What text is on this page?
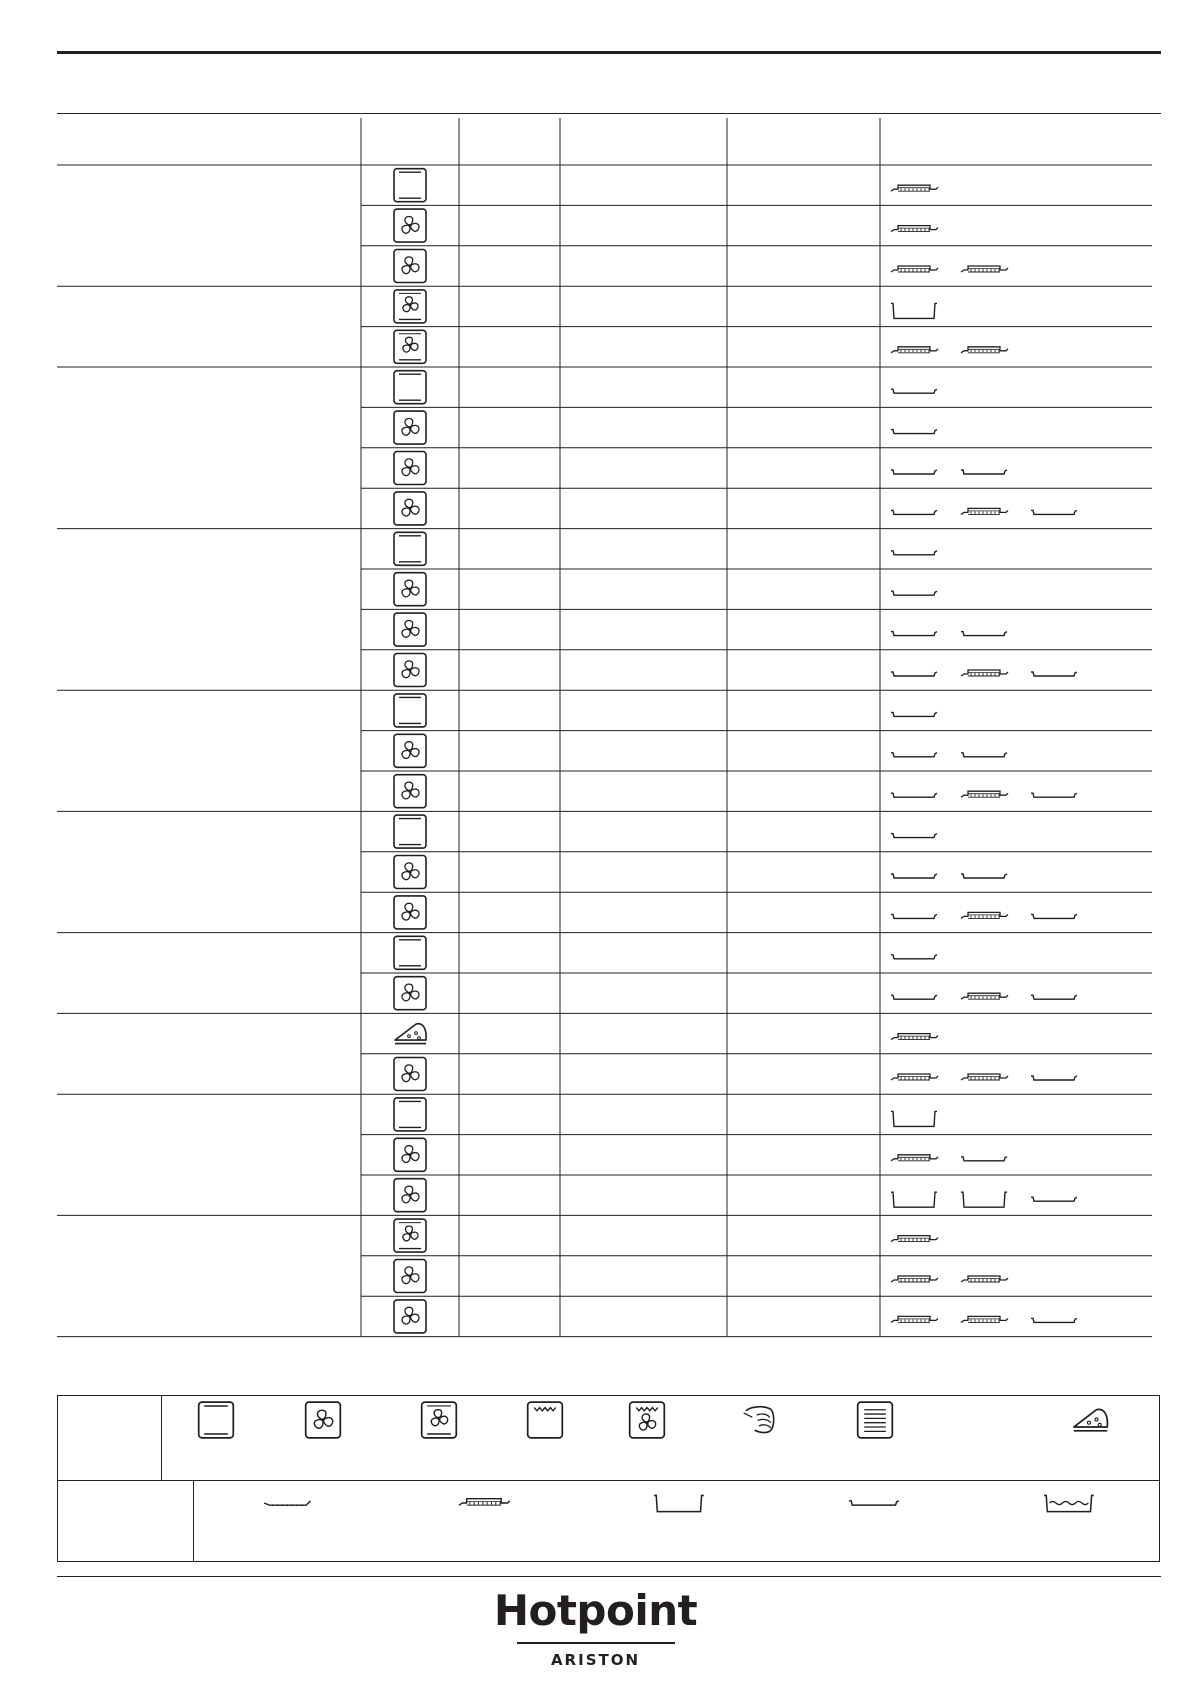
Hotpoint
ARISTON
